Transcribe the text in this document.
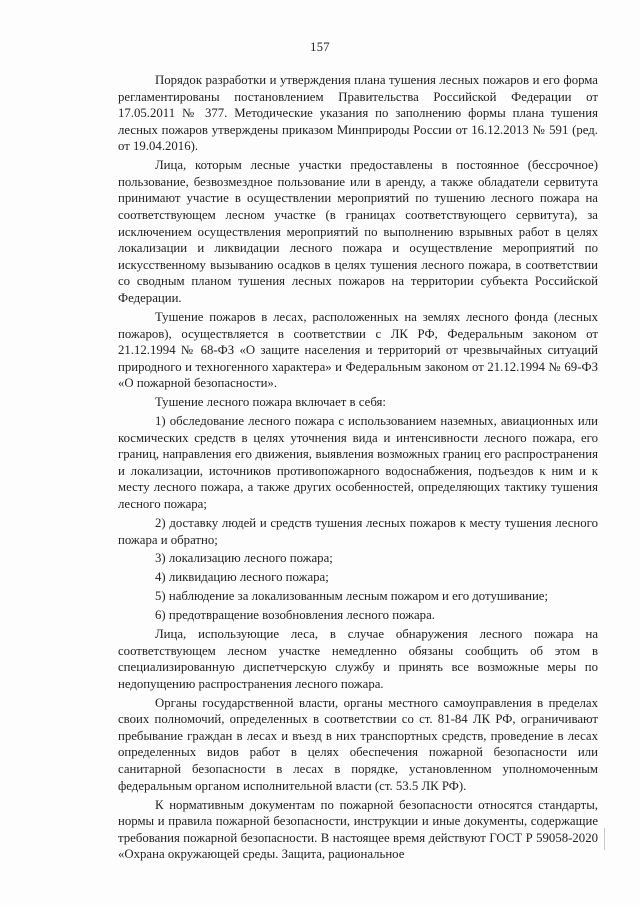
157

Порядок разработки и утверждения плана тушения лесных пожаров и его форма регламентированы постановлением Правительства Российской Федерации от 17.05.2011 № 377. Методические указания по заполнению формы плана тушения лесных пожаров утверждены приказом Минприроды России от 16.12.2013 № 591 (ред. от 19.04.2016).

Лица, которым лесные участки предоставлены в постоянное (бессрочное) пользование, безвозмездное пользование или в аренду, а также обладатели сервитута принимают участие в осуществлении мероприятий по тушению лесного пожара на соответствующем лесном участке (в границах соответствующего сервитута), за исключением осуществления мероприятий по выполнению взрывных работ в целях локализации и ликвидации лесного пожара и осуществление мероприятий по искусственному вызыванию осадков в целях тушения лесного пожара, в соответствии со сводным планом тушения лесных пожаров на территории субъекта Российской Федерации.

Тушение пожаров в лесах, расположенных на землях лесного фонда (лесных пожаров), осуществляется в соответствии с ЛК РФ, Федеральным законом от 21.12.1994 № 68-ФЗ «О защите населения и территорий от чрезвычайных ситуаций природного и техногенного характера» и Федеральным законом от 21.12.1994 № 69-ФЗ «О пожарной безопасности».

Тушение лесного пожара включает в себя:

1) обследование лесного пожара с использованием наземных, авиационных или космических средств в целях уточнения вида и интенсивности лесного пожара, его границ, направления его движения, выявления возможных границ его распространения и локализации, источников противопожарного водоснабжения, подъездов к ним и к месту лесного пожара, а также других особенностей, определяющих тактику тушения лесного пожара;

2) доставку людей и средств тушения лесных пожаров к месту тушения лесного пожара и обратно;

3) локализацию лесного пожара;

4) ликвидацию лесного пожара;

5) наблюдение за локализованным лесным пожаром и его дотушивание;

6) предотвращение возобновления лесного пожара.

Лица, использующие леса, в случае обнаружения лесного пожара на соответствующем лесном участке немедленно обязаны сообщить об этом в специализированную диспетчерскую службу и принять все возможные меры по недопущению распространения лесного пожара.

Органы государственной власти, органы местного самоуправления в пределах своих полномочий, определенных в соответствии со ст. 81-84 ЛК РФ, ограничивают пребывание граждан в лесах и въезд в них транспортных средств, проведение в лесах определенных видов работ в целях обеспечения пожарной безопасности или санитарной безопасности в лесах в порядке, установленном уполномоченным федеральным органом исполнительной власти (ст. 53.5 ЛК РФ).

К нормативным документам по пожарной безопасности относятся стандарты, нормы и правила пожарной безопасности, инструкции и иные документы, содержащие требования пожарной безопасности. В настоящее время действуют ГОСТ Р 59058-2020 «Охрана окружающей среды. Защита, рациональное
